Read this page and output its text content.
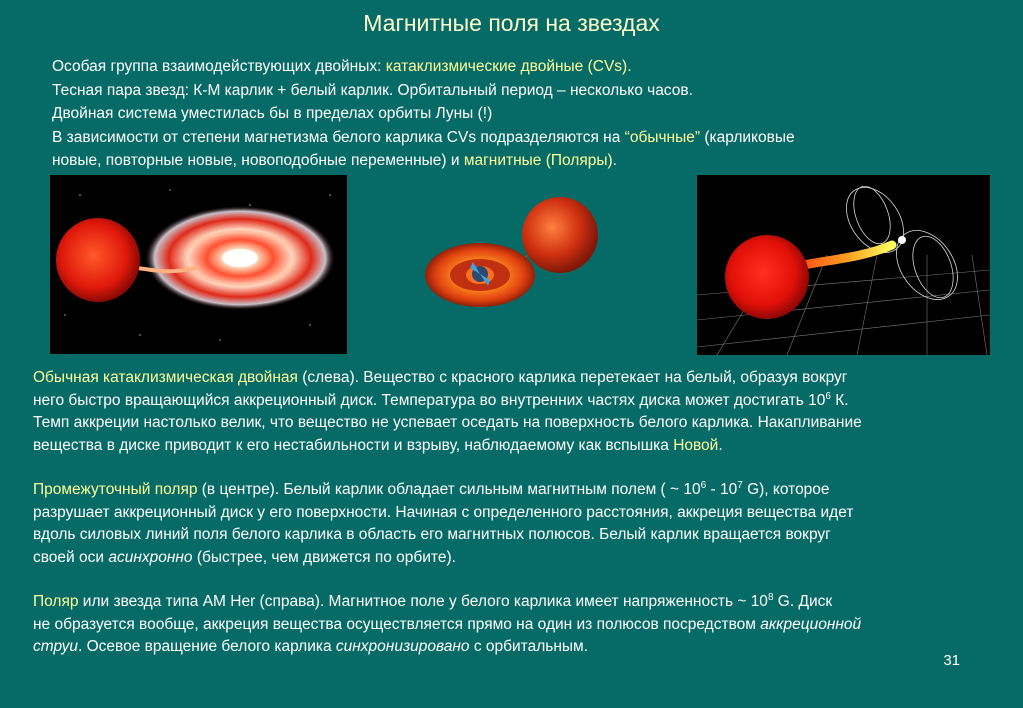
Магнитные поля на звездах
Особая группа взаимодействующих двойных: катаклизмические двойные (CVs).
Тесная пара звезд: К-М карлик + белый карлик. Орбитальный период – несколько часов.
Двойная система уместилась бы в пределах орбиты Луны (!)
В зависимости от степени магнетизма белого карлика CVs подразделяются на “обычные” (карликовые
новые, повторные новые, новоподобные переменные) и магнитные (Поляры).

Обычная катаклизмическая двойная (слева). Вещество с красного карлика перетекает на белый, образуя вокруг
него быстро вращающийся аккреционный диск. Температура во внутренних частях диска может достигать $10^6$ К.
Темп аккреции настолько велик, что вещество не успевает оседать на поверхность белого карлика. Накапливание
вещества в диске приводит к его нестабильности и взрыву, наблюдаемому как вспышка Новой.

Промежуточный поляр (в центре). Белый карлик обладает сильным магнитным полем ( ~ $10^6 - 10^7$ G), которое
разрушает аккреционный диск у его поверхности. Начиная с определенного расстояния, аккреция вещества идет
вдоль силовых линий поля белого карлика в область его магнитных полюсов. Белый карлик вращается вокруг
своей оси асинхронно (быстрее, чем движется по орбите).

Поляр или звезда типа AM Her (справа). Магнитное поле у белого карлика имеет напряженность ~ $10^8$ G. Диск
не образуется вообще, аккреция вещества осуществляется прямо на один из полюсов посредством аккреционной
струи. Осевое вращение белого карлика синхронизировано с орбитальным.

31
